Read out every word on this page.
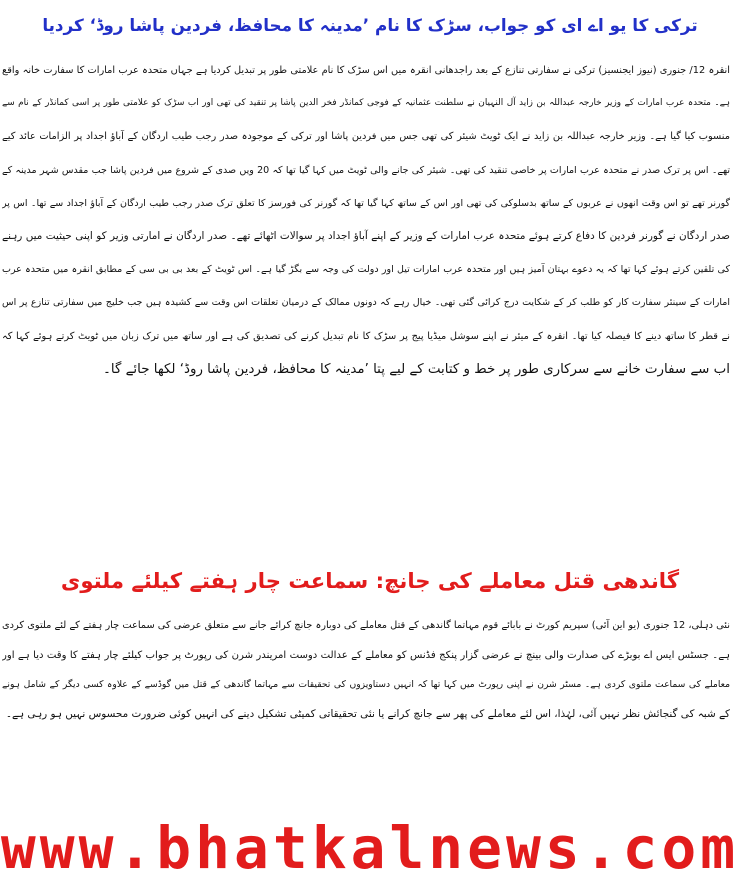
ترکی کا یو اے ای کو جواب، سڑک کا نام ’مدینہ کا محافظ، فردین پاشا روڈ‘ کردیا
انقرہ 12/ جنوری (نیوز ایجنسیز) ترکی نے سفارتی تنازع کے بعد راجدھانی انقرہ میں اس سڑک کا نام علامتی طور پر تبدیل کردیا ہے جہاں متحدہ عرب امارات کا سفارت خانہ واقع
ہے۔ متحدہ عرب امارات کے وزیر خارجہ عبداللہ بن زاید آل النہیان نے سلطنت عثمانیہ کے فوجی کمانڈر فخر الدین پاشا پر تنقید کی تھی اور اب سڑک کو علامتی طور پر اسی کمانڈر کے نام سے
منسوب کیا گیا ہے۔ وزیر خارجہ عبداللہ بن زاید نے ایک ٹویٹ شیئر کی تھی جس میں فردین پاشا اور ترکی کے موجودہ صدر رجب طیب اردگان کے آباؤ اجداد پر الزامات عائد کیے
تھے۔ اس پر ترک صدر نے متحدہ عرب امارات پر خاصی تنقید کی تھی۔ شیئر کی جانے والی ٹویٹ میں کہا گیا تھا کہ 20 ویں صدی کے شروع میں فردین پاشا جب مقدس شہر مدینہ کے
گورنر تھے تو اس وقت انھوں نے عربوں کے ساتھ بدسلوکی کی تھی اور اس کے ساتھ کہا گیا تھا کہ گورنر کی فورسز کا تعلق ترک صدر رجب طیب اردگان کے آباؤ اجداد سے تھا۔ اس پر
صدر اردگان نے گورنر فردین کا دفاع کرتے ہوئے متحدہ عرب امارات کے وزیر کے اپنے آباؤ اجداد پر سوالات اٹھائے تھے۔ صدر اردگان نے امارتی وزیر کو اپنی حیثیت میں رہنے
کی تلقین کرتے ہوئے کہا تھا کہ یہ دعوے بہتان آمیز ہیں اور متحدہ عرب امارات تیل اور دولت کی وجہ سے بگڑ گیا ہے۔ اس ٹویٹ کے بعد بی بی سی کے مطابق انقرہ میں متحدہ عرب
امارات کے سینئر سفارت کار کو طلب کر کے شکایت درج کرائی گئی تھی۔ خیال رہے کہ دونوں ممالک کے درمیان تعلقات اس وقت سے کشیدہ ہیں جب خلیج میں سفارتی تنازع پر اس
نے قطر کا ساتھ دینے کا فیصلہ کیا تھا۔ انقرہ کے میئر نے اپنے سوشل میڈیا پیج پر سڑک کا نام تبدیل کرنے کی تصدیق کی ہے اور ساتھ میں ترک زبان میں ٹویٹ کرتے ہوئے کہا کہ
اب سے سفارت خانے سے سرکاری طور پر خط و کتابت کے لیے پتا ’مدینہ کا محافظ، فردین پاشا روڈ‘ لکھا جائے گا۔
گاندھی قتل معاملے کی جانچ: سماعت چار ہفتے کیلئے ملتوی
نئی دہلی، 12 جنوری (یو این آئی) سپریم کورٹ نے بابائے قوم مہاتما گاندھی کے قتل معاملے کی دوبارہ جانچ کرائے جانے سے متعلق عرضی کی سماعت چار ہفتے کے لئے ملتوی کردی
ہے۔ جسٹس ایس اے بوبڑے کی صدارت والی بینچ نے عرضی گزار پنکج فڈنس کو معاملے کے عدالت دوست امریندر شرن کی رپورٹ پر جواب کیلئے چار ہفتے کا وقت دیا ہے اور
معاملے کی سماعت ملتوی کردی ہے۔ مسٹر شرن نے اپنی رپورٹ میں کہا تھا کہ انہیں دستاویزوں کی تحقیقات سے مہاتما گاندھی کے قتل میں گوڈسے کے علاوہ کسی دیگر کے شامل ہونے
کے شبہ کی گنجائش نظر نہیں آئی، لہٰذا، اس لئے معاملے کی پھر سے جانچ کرانے یا نئی تحقیقاتی کمیٹی تشکیل دینے کی انہیں کوئی ضرورت محسوس نہیں ہو رہی ہے۔
www.bhatkalnews.com
